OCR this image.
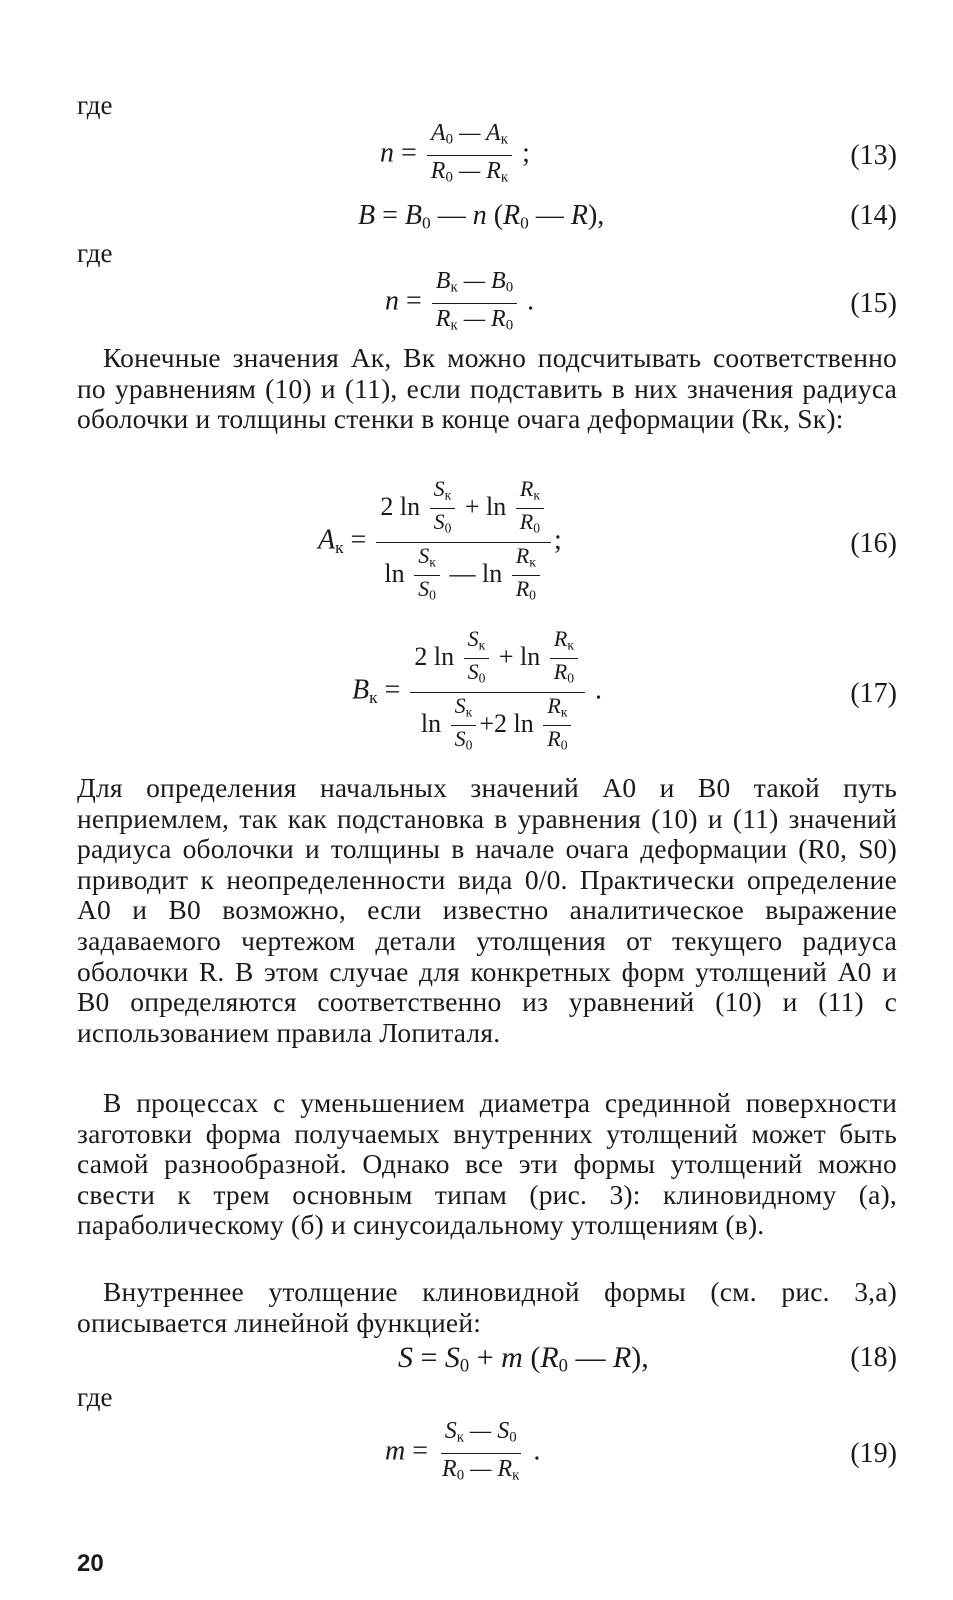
где
$n = \frac{A_0 — A_к}{R_0 — R_к}$ ;	(13)
$B = B_0$ — n ($R_0$ — R),	(14)
где
$n = \frac{B_к — B_0}{R_к — R_0}$ .	(15)
Конечные значения Aк, Bк можно подсчитывать соответственно по уравнениям (10) и (11), если подставить в них значения радиуса оболочки и толщины стенки в конце очага деформации (Rк, Sк):
$A_к = \frac{2 \ln \frac{S_к}{S_0} + \ln \frac{R_к}{R_0}}{\ln \frac{S_к}{S_0} — \ln \frac{R_к}{R_0}}$ ;	(16)
$B_к = \frac{2 \ln \frac{S_к}{S_0} + \ln \frac{R_к}{R_0}}{\ln \frac{S_к}{S_0} +2 \ln \frac{R_к}{R_0}}$ .	(17)
Для определения начальных значений A0 и B0 такой путь неприемлем, так как подстановка в уравнения (10) и (11) значений радиуса оболочки и толщины в начале очага деформации (R0, S0) приводит к неопределенности вида 0/0. Практически определение A0 и B0 возможно, если известно аналитическое выражение задаваемого чертежом детали утолщения от текущего радиуса оболочки R. В этом случае для конкретных форм утолщений A0 и B0 определяются соответственно из уравнений (10) и (11) с использованием правила Лопиталя.
В процессах с уменьшением диаметра срединной поверхности заготовки форма получаемых внутренних утолщений может быть самой разнообразной. Однако все эти формы утолщений можно свести к трем основным типам (рис. 3): клиновидному (а), параболическому (б) и синусоидальному утолщениям (в).
Внутреннее утолщение клиновидной формы (см. рис. 3,а) описывается линейной функцией:
$S = S_0 + m$ ($R_0$ — R),	(18)
где
$m = \frac{S_к — S_0}{R_0 — R_к}$ .	(19)
20
